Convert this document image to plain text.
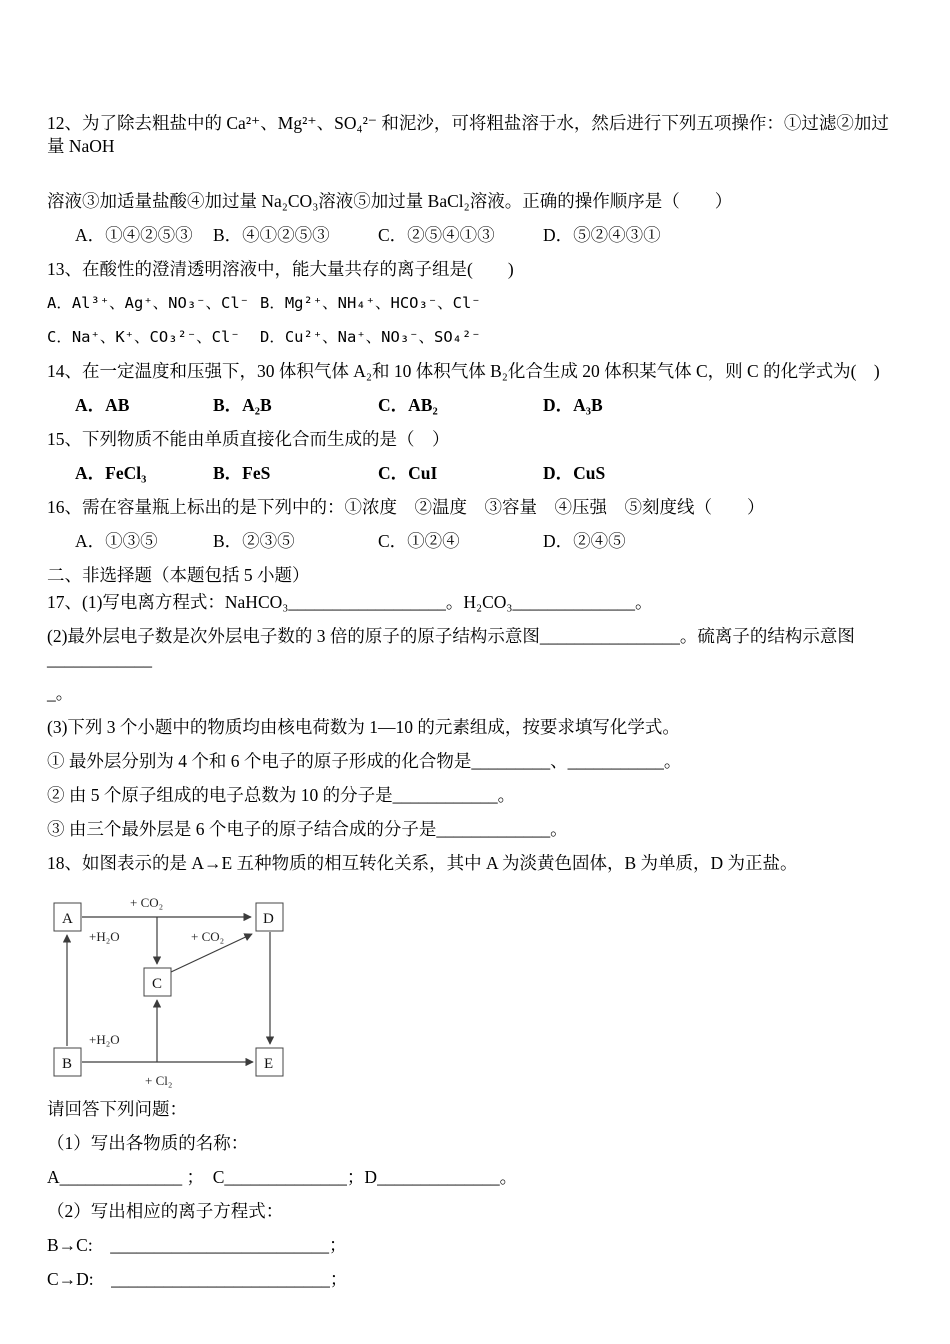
12、为了除去粗盐中的 Ca²⁺、Mg²⁺、SO₄²⁻ 和泥沙，可将粗盐溶于水，然后进行下列五项操作：①过滤②加过量 NaOH

溶液③加适量盐酸④加过量 Na₂CO₃溶液⑤加过量 BaCl₂溶液。正确的操作顺序是（　　）

A．①④②⑤③	B．④①②⑤③	C．②⑤④①③	D．⑤②④③①

13、在酸性的澄清透明溶液中，能大量共存的离子组是(　　)

A．Al³⁺、Ag⁺、NO₃⁻、Cl⁻ B．Mg²⁺、NH₄⁺、HCO₃⁻、Cl⁻
C．Na⁺、K⁺、CO₃²⁻、Cl⁻	D．Cu²⁺、Na⁺、NO₃⁻、SO₄²⁻

14、在一定温度和压强下，30 体积气体 A₂和 10 体积气体 B₂化合生成 20 体积某气体 C，则 C 的化学式为(　)

A．AB	B．A₂B	C．AB₂	D．A₃B

15、下列物质不能由单质直接化合而生成的是（　）

A．FeCl₃	B．FeS	C．CuI	D．CuS

16、需在容量瓶上标出的是下列中的：①浓度　②温度　③容量　④压强　⑤刻度线（　　）

A．①③⑤	B．②③⑤	C．①②④	D．②④⑤

二、非选择题（本题包括 5 小题）

17、(1)写电离方程式：NaHCO₃__________________。H₂CO₃______________。

(2)最外层电子数是次外层电子数的 3 倍的原子的原子结构示意图________________。硫离子的结构示意图____________

_。

(3)下列 3 个小题中的物质均由核电荷数为 1—10 的元素组成，按要求填写化学式。

① 最外层分别为 4 个和 6 个电子的原子形成的化合物是_________、___________。

② 由 5 个原子组成的电子总数为 10 的分子是____________。

③ 由三个最外层是 6 个电子的原子结合成的分子是_____________。

18、如图表示的是 A→E 五种物质的相互转化关系，其中 A 为淡黄色固体，B 为单质，D 为正盐。

+ CO₂
+H₂O	+ CO₂
+H₂O
+ Cl₂
A	D
C
B	E

请回答下列问题：

（1）写出各物质的名称：

A______________ ；　C______________；D______________。

（2）写出相应的离子方程式：

B→C:　_________________________；

C→D:　_________________________；
